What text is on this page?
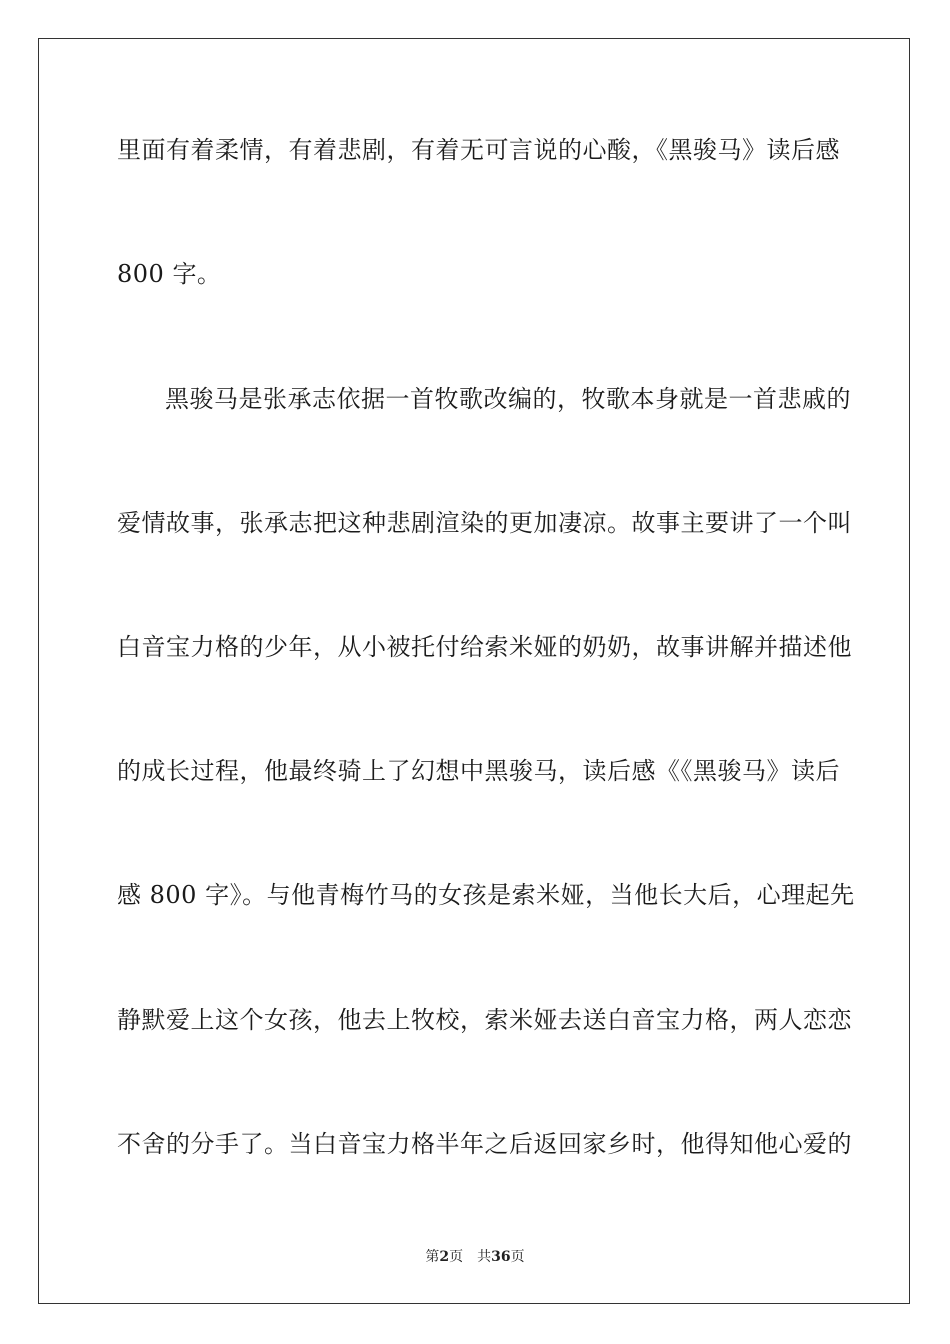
里面有着柔情，有着悲剧，有着无可言说的心酸，《黑骏马》读后感
800 字。
黑骏马是张承志依据一首牧歌改编的，牧歌本身就是一首悲戚的
爱情故事，张承志把这种悲剧渲染的更加凄凉。故事主要讲了一个叫
白音宝力格的少年，从小被托付给索米娅的奶奶，故事讲解并描述他
的成长过程，他最终骑上了幻想中黑骏马，读后感《《黑骏马》读后
感 800 字》。与他青梅竹马的女孩是索米娅，当他长大后，心理起先
静默爱上这个女孩，他去上牧校，索米娅去送白音宝力格，两人恋恋
不舍的分手了。当白音宝力格半年之后返回家乡时，他得知他心爱的
第2页 共36页
